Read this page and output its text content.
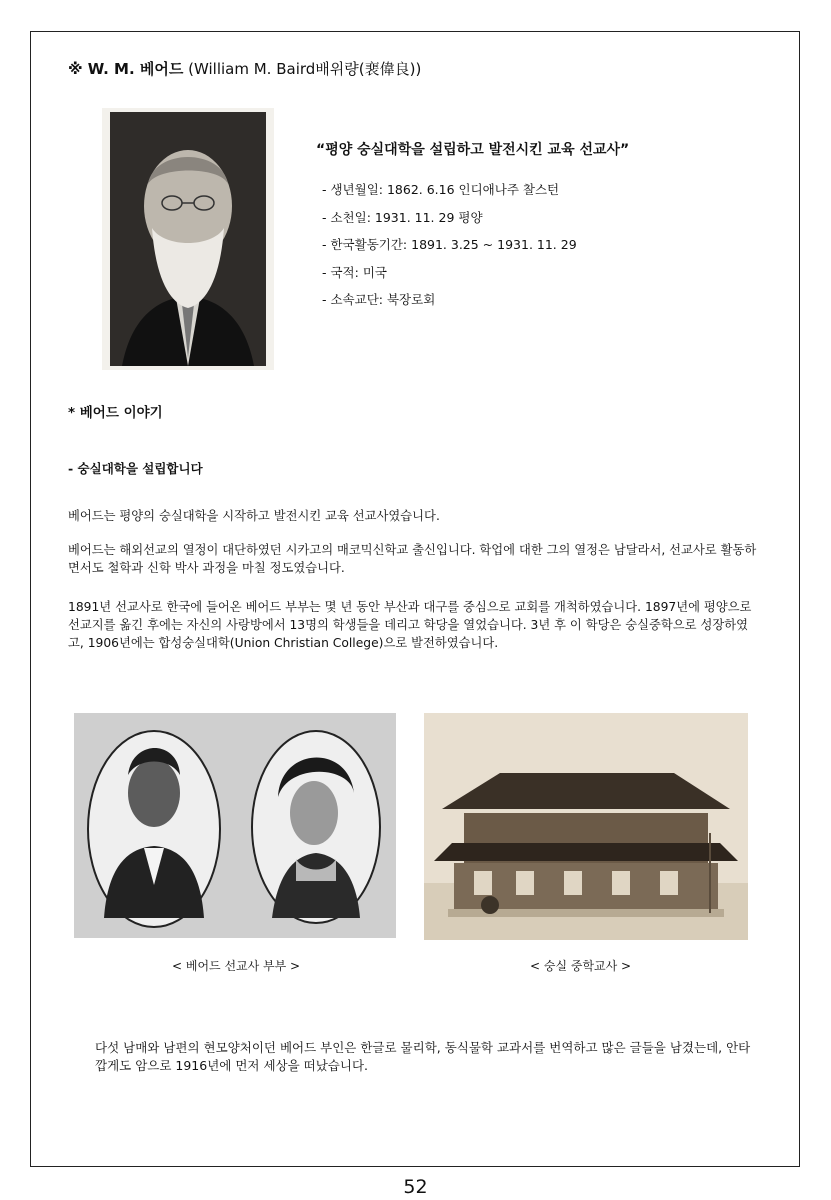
※ W. M. 베어드 (William M. Baird배위량(裵偉良))
“평양 숭실대학을 설립하고 발전시킨 교육 선교사”
- 생년월일: 1862. 6.16 인디애나주 찰스턴
- 소천일: 1931. 11. 29 평양
- 한국활동기간: 1891. 3.25 ~ 1931. 11. 29
- 국적: 미국
- 소속교단: 북장로회
* 베어드 이야기
- 숭실대학을 설립합니다

베어드는 평양의 숭실대학을 시작하고 발전시킨 교육 선교사였습니다.

베어드는 해외선교의 열정이 대단하였던 시카고의 매코믹신학교 출신입니다. 학업에 대한 그의 열정은 남달라서, 선교사로 활동하면서도 철학과 신학 박사 과정을 마칠 정도였습니다.

1891년 선교사로 한국에 들어온 베어드 부부는 몇 년 동안 부산과 대구를 중심으로 교회를 개척하였습니다. 1897년에 평양으로 선교지를 옮긴 후에는 자신의 사랑방에서 13명의 학생들을 데리고 학당을 열었습니다. 3년 후 이 학당은 숭실중학으로 성장하였고, 1906년에는 합성숭실대학(Union Christian College)으로 발전하였습니다.

< 베어드 선교사 부부 >	< 숭실 중학교사 >

다섯 남매와 남편의 현모양처이던 베어드 부인은 한글로 물리학, 동식물학 교과서를 번역하고 많은 글들을 남겼는데, 안타깝게도 암으로 1916년에 먼저 세상을 떠났습니다.

52
